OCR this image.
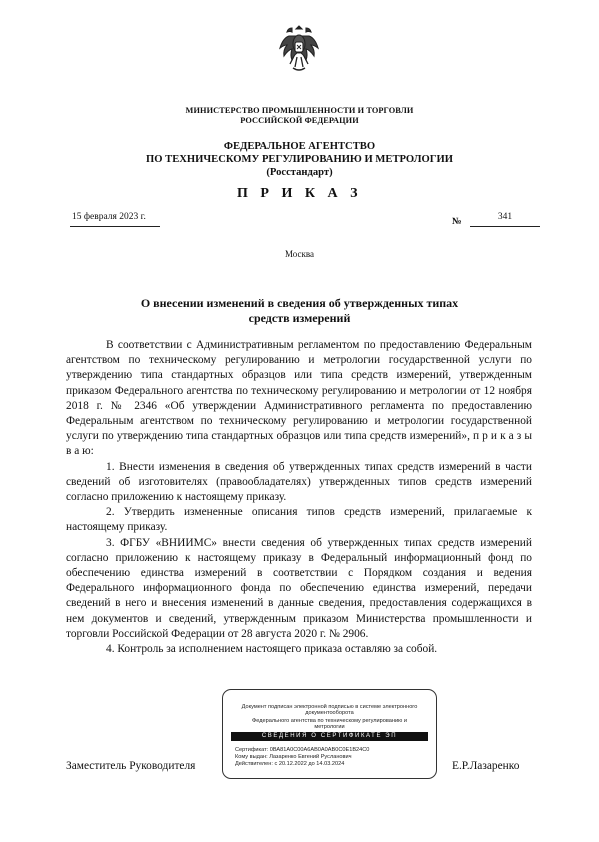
МИНИСТЕРСТВО ПРОМЫШЛЕННОСТИ И ТОРГОВЛИ
РОССИЙСКОЙ ФЕДЕРАЦИИ
ФЕДЕРАЛЬНОЕ АГЕНТСТВО
ПО ТЕХНИЧЕСКОМУ РЕГУЛИРОВАНИЮ И МЕТРОЛОГИИ
(Росстандарт)
П Р И К А З
15 февраля 2023 г.	№	341
Москва
О внесении изменений в сведения об утвержденных типах
средств измерений

В соответствии с Административным регламентом по предоставлению Федеральным агентством по техническому регулированию и метрологии государственной услуги по утверждению типа стандартных образцов или типа средств измерений, утвержденным приказом Федерального агентства по техническому регулированию и метрологии от 12 ноября 2018 г. № 2346 «Об утверждении Административного регламента по предоставлению Федеральным агентством по техническому регулированию и метрологии государственной услуги по утверждению типа стандартных образцов или типа средств измерений», п р и к а з ы в а ю:

1. Внести изменения в сведения об утвержденных типах средств измерений в части сведений об изготовителях (правообладателях) утвержденных типов средств измерений согласно приложению к настоящему приказу.

2. Утвердить измененные описания типов средств измерений, прилагаемые к настоящему приказу.

3. ФГБУ «ВНИИМС» внести сведения об утвержденных типах средств измерений согласно приложению к настоящему приказу в Федеральный информационный фонд по обеспечению единства измерений в соответствии с Порядком создания и ведения Федерального информационного фонда по обеспечению единства измерений, передачи сведений в него и внесения изменений в данные сведения, предоставления содержащихся в нем документов и сведений, утвержденным приказом Министерства промышленности и торговли Российской Федерации от 28 августа 2020 г. № 2906.

4. Контроль за исполнением настоящего приказа оставляю за собой.

Заместитель Руководителя	Е.Р.Лазаренко
Документ подписан электронной подписью в системе электронного документооборота
Федерального агентства по техническому регулированию и
метрологии
СВЕДЕНИЯ О СЕРТИФИКАТЕ ЭП
Сертификат: 0ВА81А0С00А6АВ0А0АВ0С0Е1В24С0
Кому выдан: Лазаренко Евгений Русланович
Действителен: с 20.12.2022 до 14.03.2024
